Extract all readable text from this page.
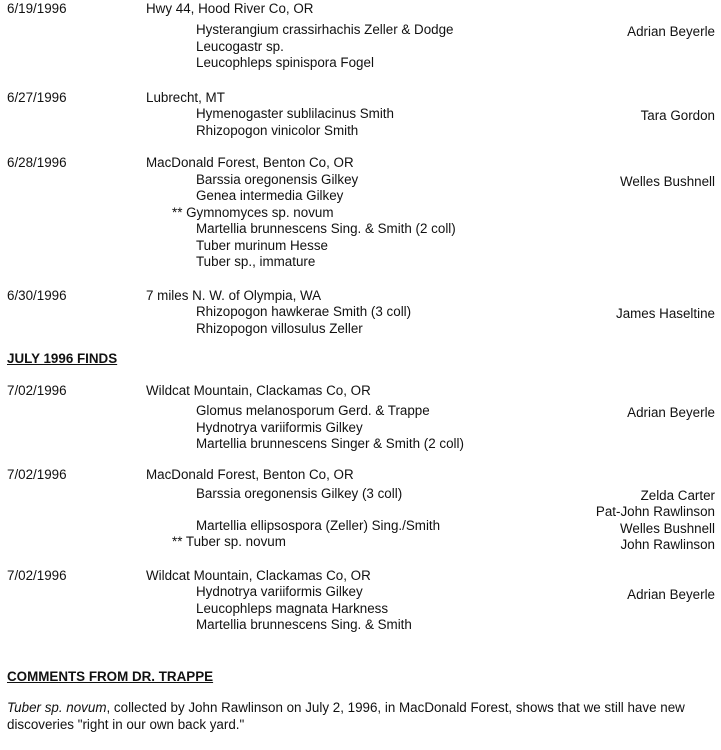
6/19/1996	Hwy 44, Hood River Co, OR
Hysterangium crassirhachis Zeller & Dodge
Leucogastr sp.
Leucophleps spinispora Fogel
Adrian Beyerle
6/27/1996	Lubrecht, MT
Hymenogaster sublilacinus Smith
Rhizopogon vinicolor Smith
Tara Gordon
6/28/1996	MacDonald Forest, Benton Co, OR
Barssia oregonensis Gilkey
Genea intermedia Gilkey
** Gymnomyces sp. novum
Martellia brunnescens Sing. & Smith (2 coll)
Tuber murinum Hesse
Tuber sp., immature
Welles Bushnell
6/30/1996	7 miles N. W. of Olympia, WA
Rhizopogon hawkerae Smith (3 coll)
Rhizopogon villosulus Zeller
James Haseltine
JULY 1996 FINDS
7/02/1996	Wildcat Mountain, Clackamas Co, OR
Glomus melanosporum Gerd. & Trappe
Hydnotrya variiformis Gilkey
Martellia brunnescens Singer & Smith (2 coll)
Adrian Beyerle
7/02/1996	MacDonald Forest, Benton Co, OR
Barssia oregonensis Gilkey (3 coll)
Martellia ellipsospora (Zeller) Sing./Smith
** Tuber sp. novum
Zelda Carter
Pat-John Rawlinson
Welles Bushnell
John Rawlinson
7/02/1996	Wildcat Mountain, Clackamas Co, OR
Hydnotrya variiformis Gilkey
Leucophleps magnata Harkness
Martellia brunnescens Sing. & Smith
Adrian Beyerle
COMMENTS FROM DR. TRAPPE
Tuber sp. novum, collected by John Rawlinson on July 2, 1996, in MacDonald Forest, shows that we still have new discoveries "right in our own back yard."
